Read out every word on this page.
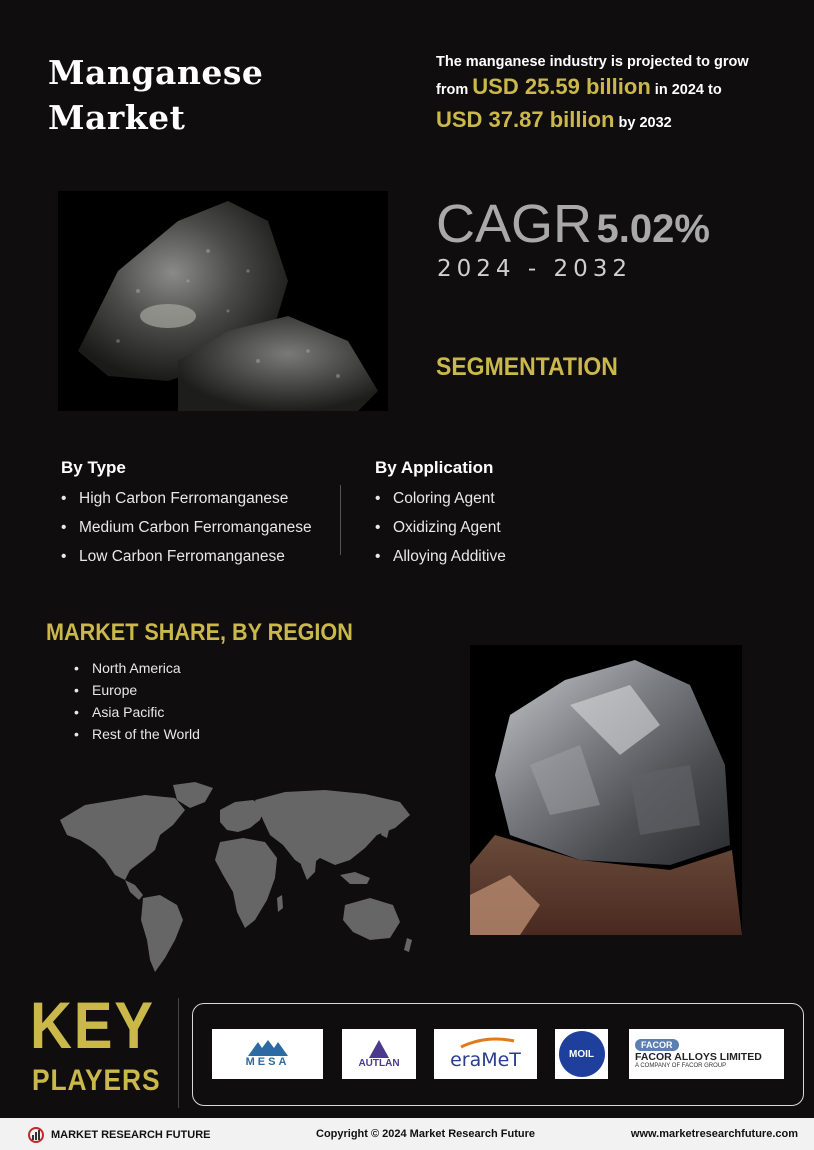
Manganese
Market
The manganese industry is projected to grow
from USD 25.59 billion in 2024 to
USD 37.87 billion by 2032
CAGR 5.02%
2024 - 2032
SEGMENTATION
By Type
• High Carbon Ferromanganese
• Medium Carbon Ferromanganese
• Low Carbon Ferromanganese
By Application
• Coloring Agent
• Oxidizing Agent
• Alloying Additive
MARKET SHARE, BY REGION
• North America
• Europe
• Asia Pacific
• Rest of the World
KEY
PLAYERS
MESA	AUTLAN	eraMeT	MOIL
FACOR
FACOR ALLOYS LIMITED
A COMPANY OF FACOR GROUP
MARKET RESEARCH FUTURE	Copyright © 2024 Market Research Future	www.marketresearchfuture.com
